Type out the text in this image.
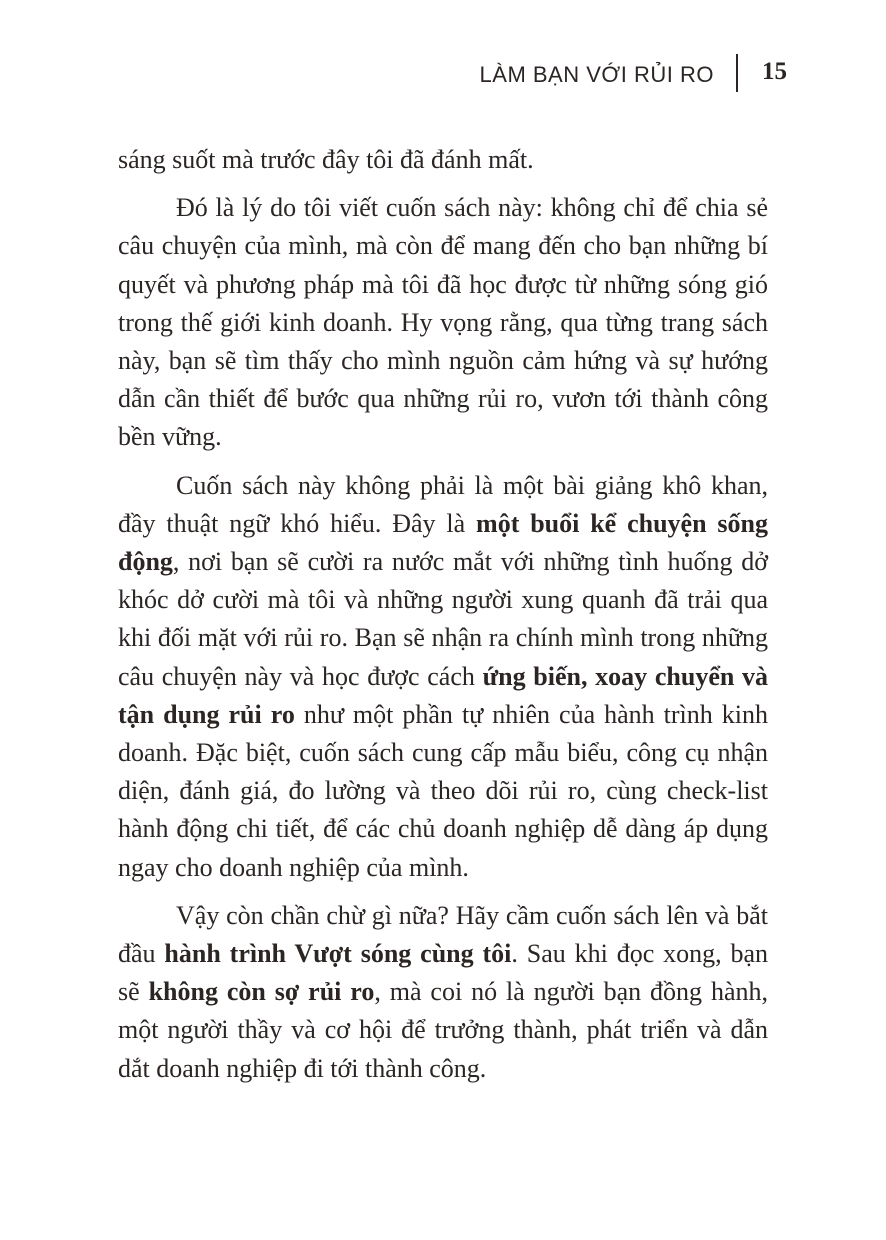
LÀM BẠN VỚI RỦI RO 15

sáng suốt mà trước đây tôi đã đánh mất.

Đó là lý do tôi viết cuốn sách này: không chỉ để chia sẻ câu chuyện của mình, mà còn để mang đến cho bạn những bí quyết và phương pháp mà tôi đã học được từ những sóng gió trong thế giới kinh doanh. Hy vọng rằng, qua từng trang sách này, bạn sẽ tìm thấy cho mình nguồn cảm hứng và sự hướng dẫn cần thiết để bước qua những rủi ro, vươn tới thành công bền vững.

Cuốn sách này không phải là một bài giảng khô khan, đầy thuật ngữ khó hiểu. Đây là một buổi kể chuyện sống động, nơi bạn sẽ cười ra nước mắt với những tình huống dở khóc dở cười mà tôi và những người xung quanh đã trải qua khi đối mặt với rủi ro. Bạn sẽ nhận ra chính mình trong những câu chuyện này và học được cách ứng biến, xoay chuyển và tận dụng rủi ro như một phần tự nhiên của hành trình kinh doanh. Đặc biệt, cuốn sách cung cấp mẫu biểu, công cụ nhận diện, đánh giá, đo lường và theo dõi rủi ro, cùng check-list hành động chi tiết, để các chủ doanh nghiệp dễ dàng áp dụng ngay cho doanh nghiệp của mình.

Vậy còn chần chừ gì nữa? Hãy cầm cuốn sách lên và bắt đầu hành trình Vượt sóng cùng tôi. Sau khi đọc xong, bạn sẽ không còn sợ rủi ro, mà coi nó là người bạn đồng hành, một người thầy và cơ hội để trưởng thành, phát triển và dẫn dắt doanh nghiệp đi tới thành công.
